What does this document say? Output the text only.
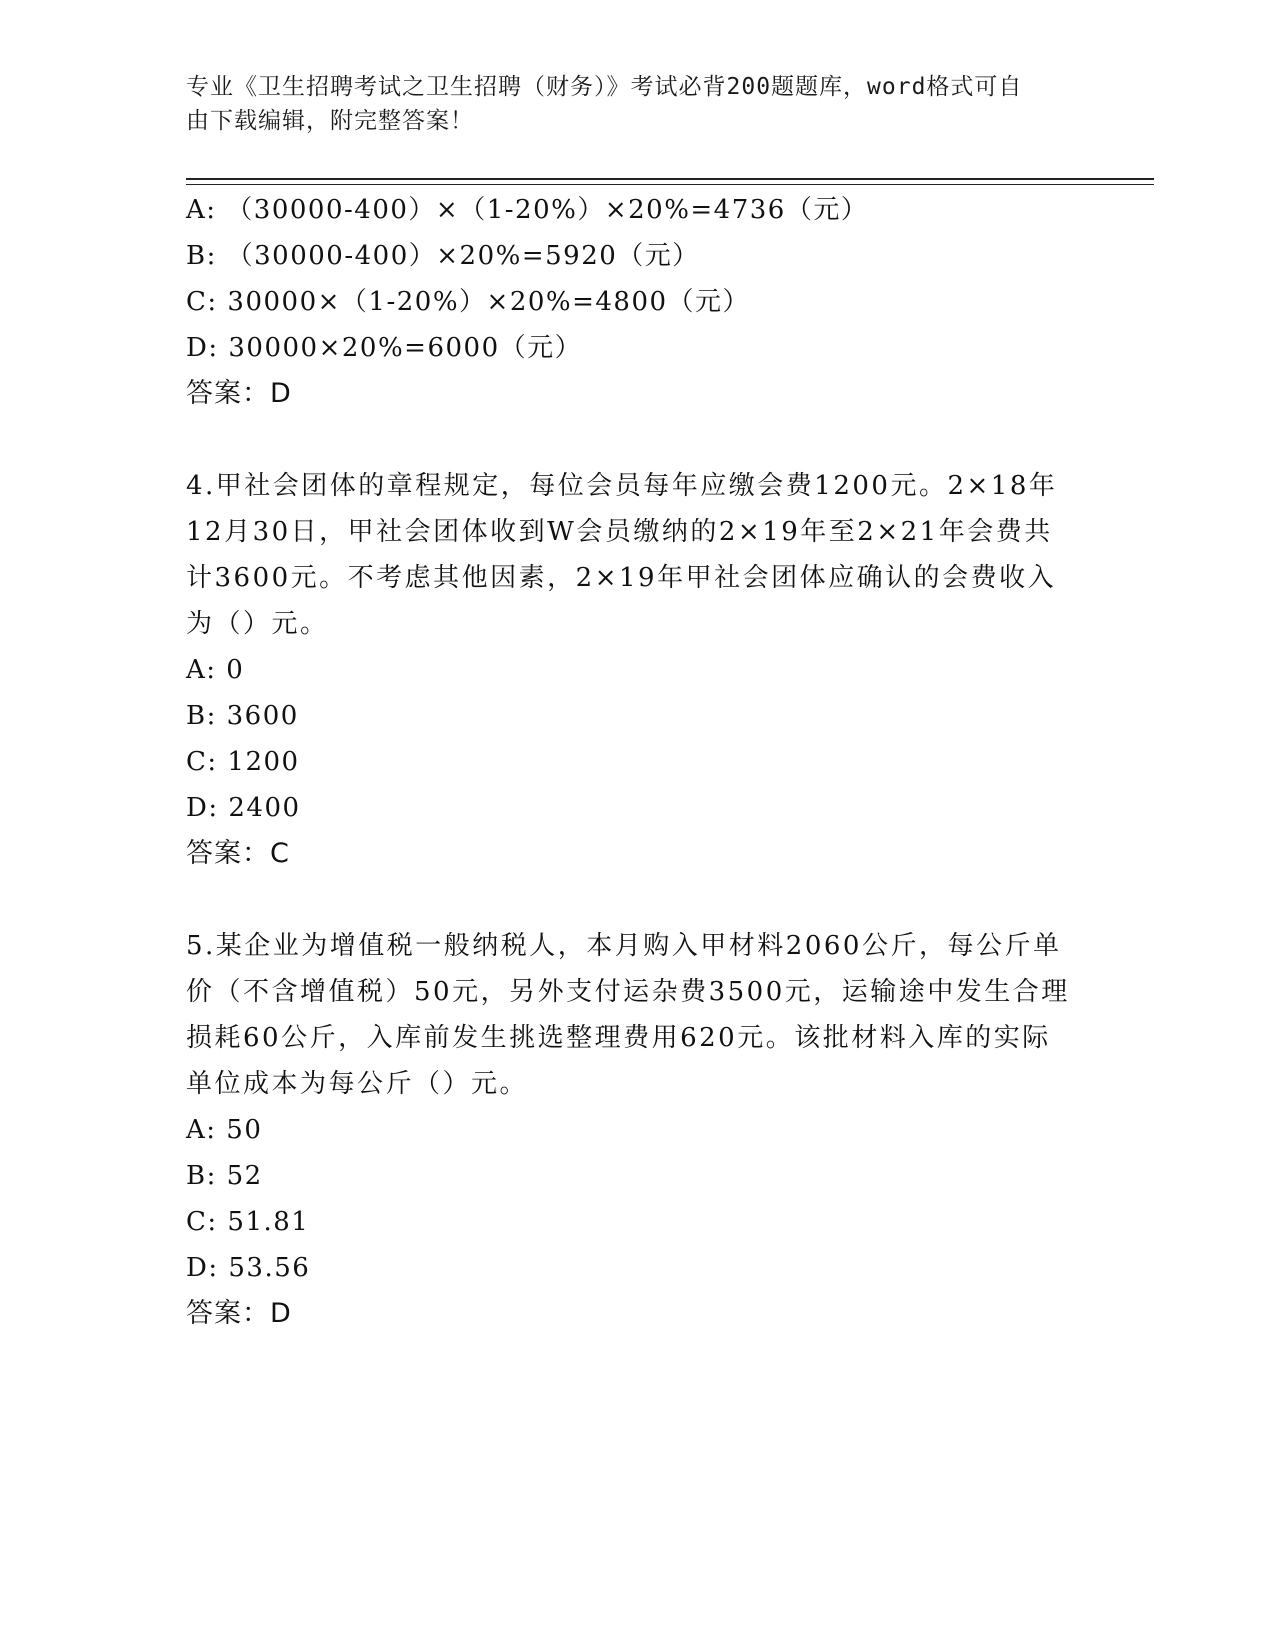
专业《卫生招聘考试之卫生招聘（财务）》考试必背200题题库，word格式可自
由下载编辑，附完整答案！
A: （30000-400）×（1-20%）×20%=4736（元）
B: （30000-400）×20%=5920（元）
C: 30000×（1-20%）×20%=4800（元）
D: 30000×20%=6000（元）
答案：D
4.甲社会团体的章程规定，每位会员每年应缴会费1200元。2×18年
12月30日，甲社会团体收到W会员缴纳的2×19年至2×21年会费共
计3600元。不考虑其他因素，2×19年甲社会团体应确认的会费收入
为（）元。
A: 0
B: 3600
C: 1200
D: 2400
答案：C
5.某企业为增值税一般纳税人，本月购入甲材料2060公斤，每公斤单
价（不含增值税）50元，另外支付运杂费3500元，运输途中发生合理
损耗60公斤，入库前发生挑选整理费用620元。该批材料入库的实际
单位成本为每公斤（）元。
A: 50
B: 52
C: 51.81
D: 53.56
答案：D
